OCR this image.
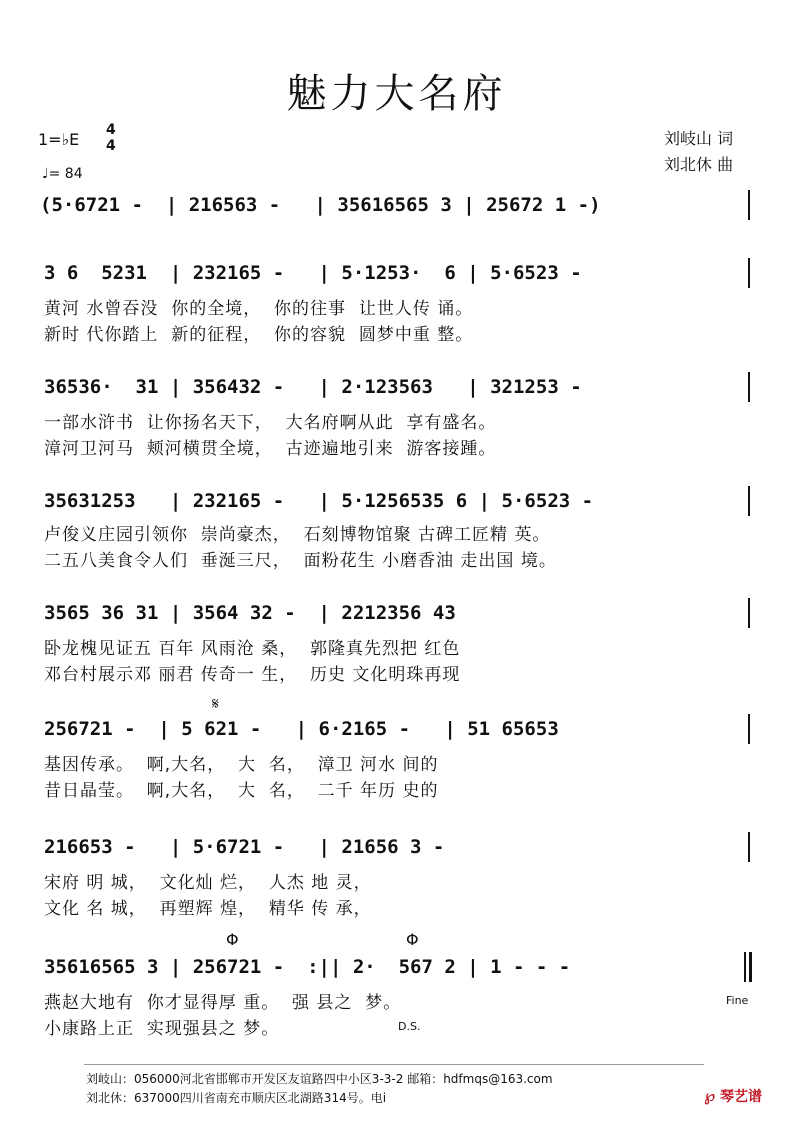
魅力大名府
1=♭E 4
4
♩= 84
刘岐山 词
刘北休 曲
(5·6721 -  | 216563 -   | 35616565 3 | 25672 1 -)
3 6  5231  | 232165 -   | 5·1253·  6 | 5·6523 -
黄河 水曾吞没  你的全境，  你的往事  让世人传 诵。
新时 代你踏上  新的征程，  你的容貌  圆梦中重 整。
36536·  31 | 356432 -   | 2·123563   | 321253 -
一部水浒书  让你扬名天下，  大名府啊从此  享有盛名。
漳河卫河马  颊河横贯全境，  古迹遍地引来  游客接踵。
35631253   | 232165 -   | 5·1256535 6 | 5·6523 -
卢俊义庄园引领你  崇尚豪杰，  石刻博物馆聚 古碑工匠精 英。
二五八美食令人们  垂涎三尺，  面粉花生 小磨香油 走出国 境。
3565 36 31 | 3564 32 -  | 2212356 43
卧龙槐见证五 百年 风雨沧 桑，  郭隆真先烈把 红色
邓台村展示邓 丽君 传奇一 生，  历史 文化明珠再现
𝄋
256721 -  | 5 621 -   | 6·2165 -   | 51 65653
基因传承。  啊,大名，  大  名，  漳卫 河水 间的
昔日晶莹。  啊,大名，  大  名，  二千 年历 史的
216653 -   | 5·6721 -   | 21656 3 -
宋府 明 城，  文化灿 烂，  人杰 地 灵，
文化 名 城，  再塑辉 煌，  精华 传 承，
Φ	Φ
35616565 3 | 256721 -  :|| 2·  567 2 | 1 - - -
燕赵大地有  你才显得厚 重。  强 县之  梦。
小康路上正  实现强县之 梦。
Fine
D.S.
刘岐山：056000河北省邯郸市开发区友谊路四中小区3-3-2 邮箱：hdfmqs@163.com
刘北休：637000四川省南充市顺庆区北湖路314号。电i	℘ 琴艺谱
